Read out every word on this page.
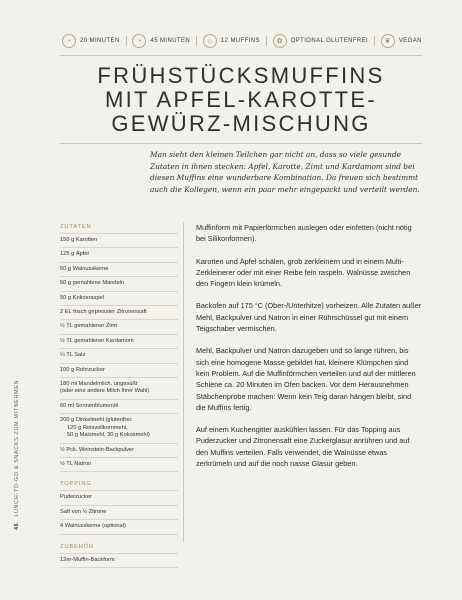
◔	20 MINUTEN	◔	45 MINUTEN	⌂	12 MUFFINS	✿	OPTIONAL GLUTENFREI	❦	VEGAN
FRÜHSTÜCKSMUFFINS
MIT APFEL-KAROTTE-
GEWÜRZ-MISCHUNG

Man sieht den kleinen Teilchen gar nicht an, dass so viele gesunde Zutaten in ihnen stecken: Apfel, Karotte, Zimt und Kardamom sind bei diesen Muffins eine wunderbare Kombination. Da freuen sich bestimmt auch die Kollegen, wenn ein paar mehr eingepackt und verteilt werden.

ZUTATEN
150 g Karotten
125 g Äpfel
50 g Walnusskerne
50 g gemahlene Mandeln
50 g Kokosraspel
2 EL frisch gepresster Zitronensaft
½ TL gemahlener Zimt
½ TL gemahlener Kardamom
¼ TL Salz
100 g Rohrzucker
180 ml Mandelmilch, ungesüßt
(oder eine andere Milch Ihrer Wahl)
60 ml Sonnenblumenöl
200 g Dinkelmehl (glutenfrei:
120 g Reisvollkornmehl,
50 g Maismehl, 30 g Kokosmehl)
½ Pck. Weinstein-Backpulver
½ TL Natron
TOPPING
Puderzucker
Saft von ½ Zitrone
4 Walnusskerne (optional)
ZUBEHÖR
12er-Muffin-Backform

Muffinform mit Papierförmchen auslegen oder einfetten (nicht nötig bei Silikonformen).

Karotten und Äpfel schälen, grob zerkleinern und in einem Multi-Zerkleinerer oder mit einer Reibe fein raspeln. Walnüsse zwischen den Fingern klein krümeln.

Backofen auf 175 °C (Ober-/Unterhitze) vorheizen. Alle Zutaten außer Mehl, Backpulver und Natron in einer Rührschüssel gut mit einem Teigschaber vermischen.

Mehl, Backpulver und Natron dazugeben und so lange rühren, bis sich eine homogene Masse gebildet hat, kleinere Klümpchen sind kein Problem. Auf die Muffinförmchen verteilen und auf der mittleren Schiene ca. 20 Minuten im Ofen backen. Vor dem Herausnehmen Stäbchenprobe machen: Wenn kein Teig daran hängen bleibt, sind die Muffins fertig.

Auf einem Kuchengitter auskühlen lassen. Für das Topping aus Puderzucker und Zitronensaft eine Zuckerglasur anrühren und auf den Muffins verteilen. Falls verwendet, die Walnüsse etwas zerkrümeln und auf die noch nasse Glasur geben.

46LUNCH-TO-GO & SNACKS ZUM MITNEHMEN
